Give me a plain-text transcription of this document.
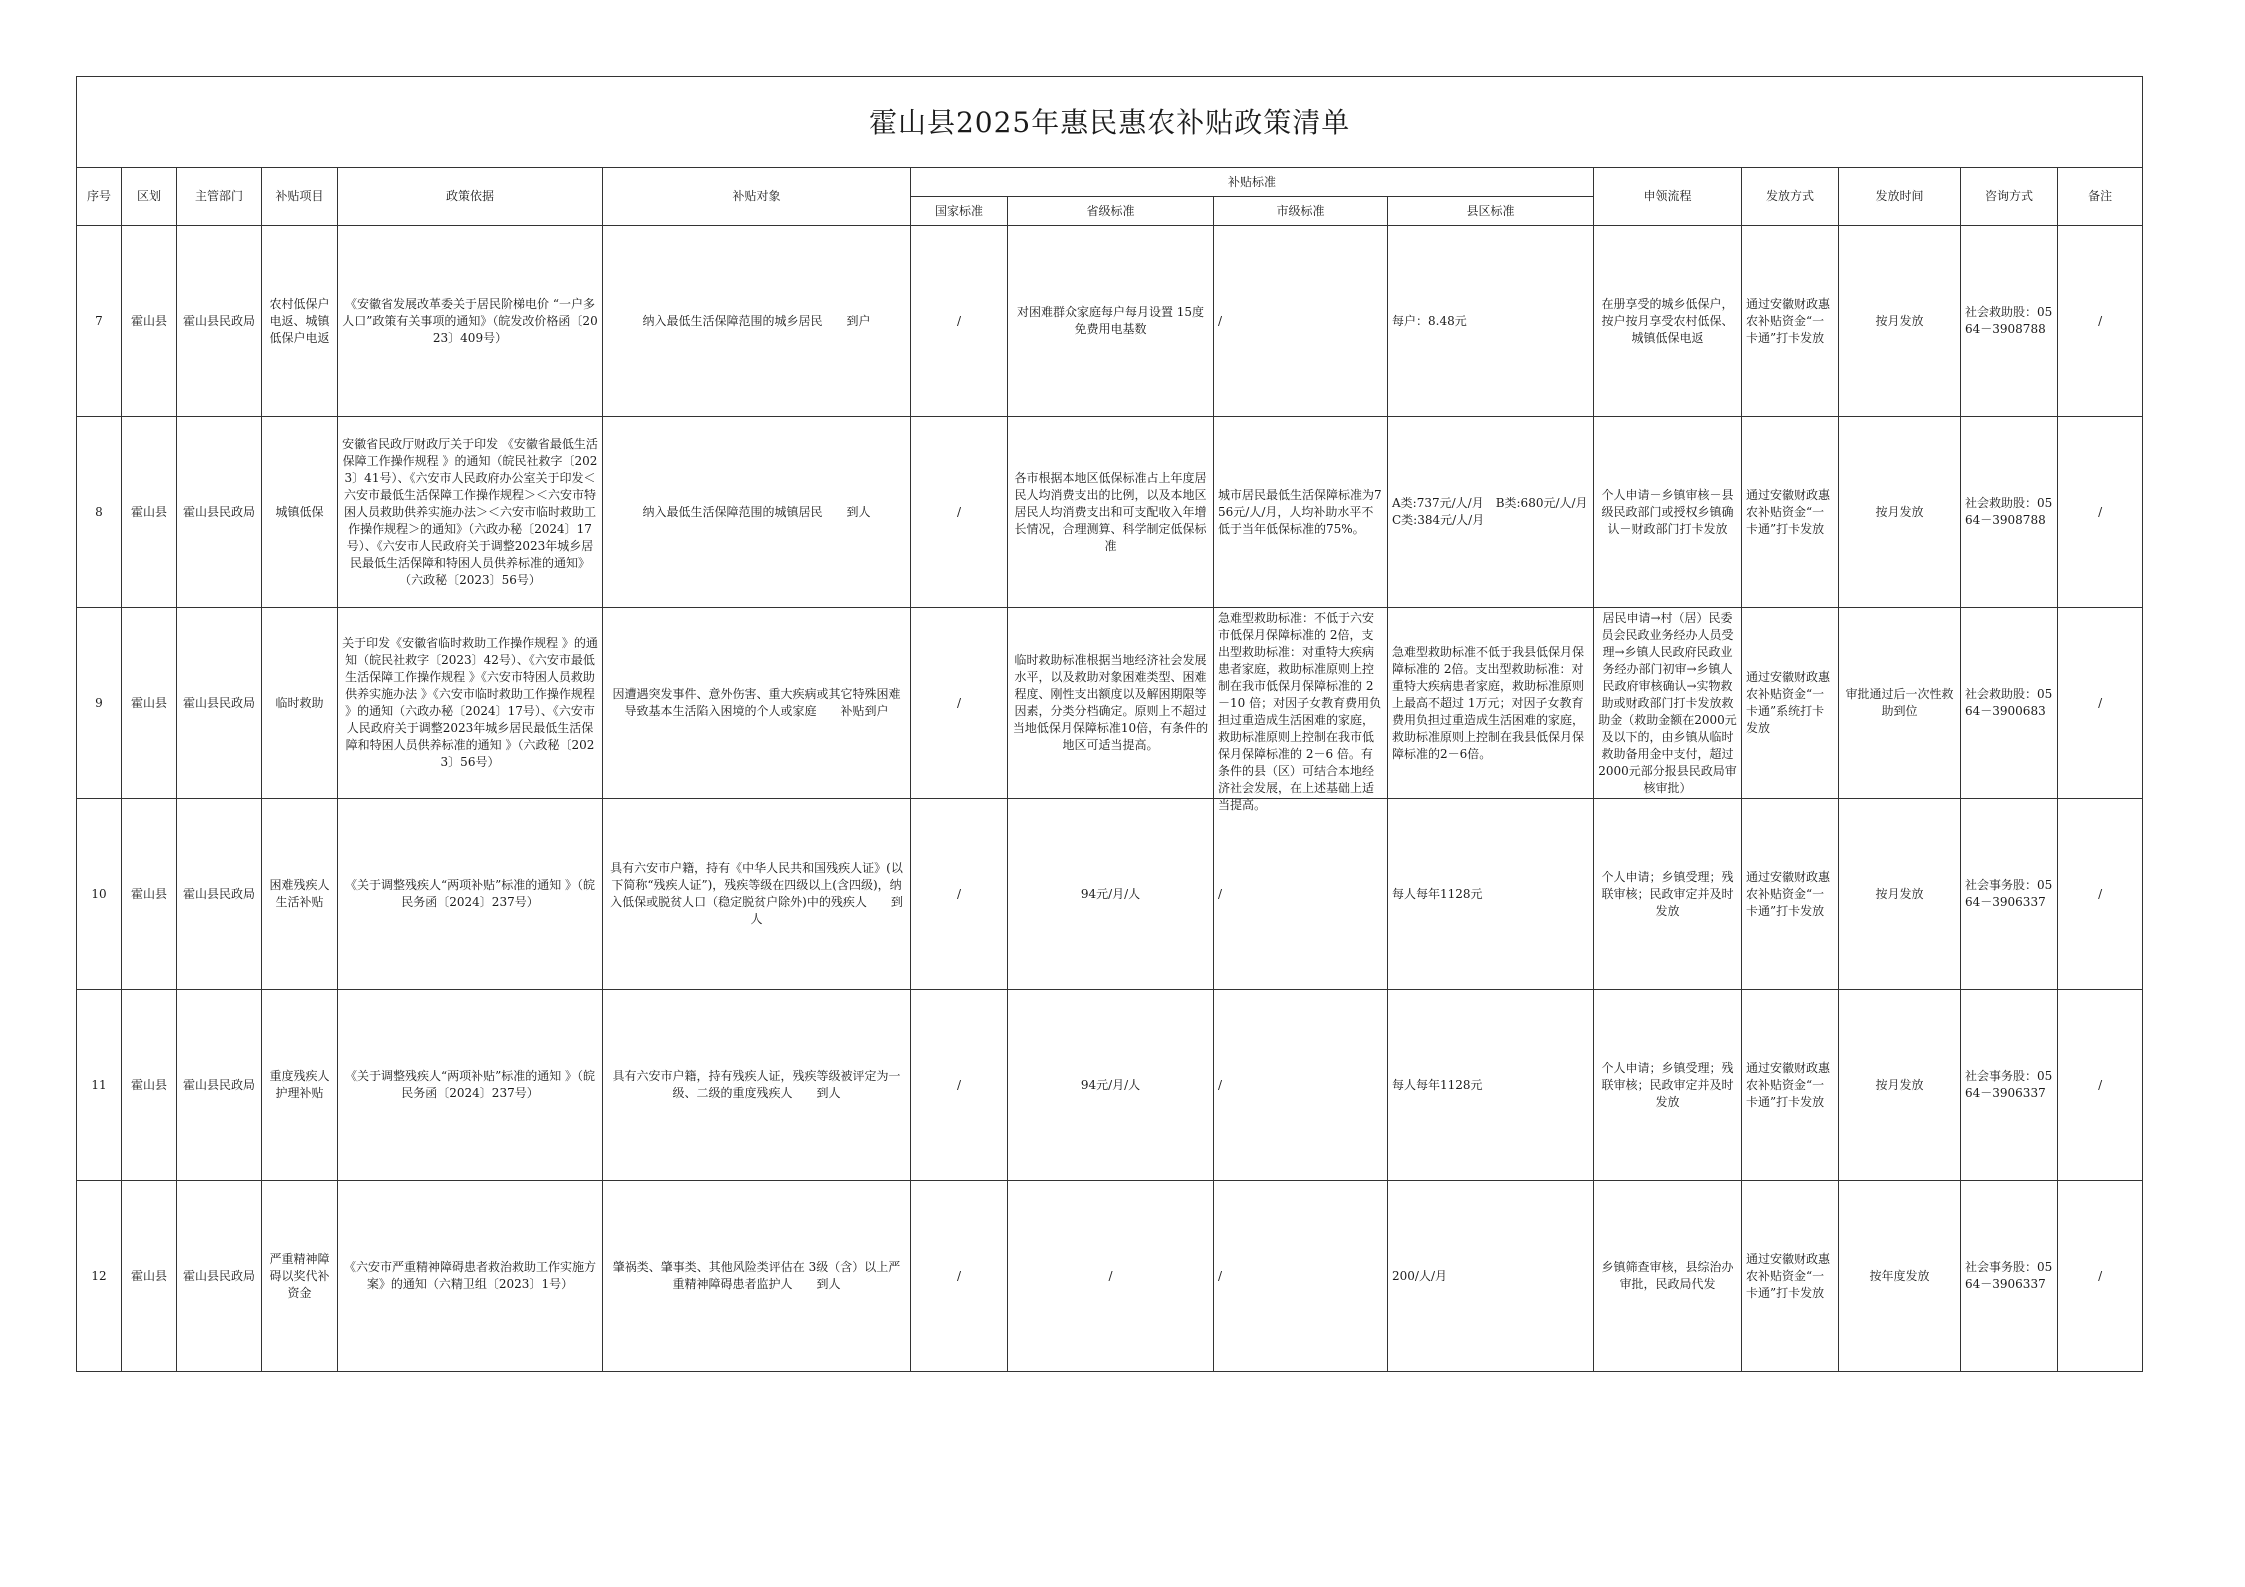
霍山县2025年惠民惠农补贴政策清单														
序号	区划	主管部门	补贴项目	政策依据	补贴对象	补贴标准				申领流程	发放方式	发放时间	咨询方式	备注
						国家标准	省级标准	市级标准	县区标准					

7	霍山县	霍山县民政局	农村低保户电返、城镇低保户电返	《安徽省发展改革委关于居民阶梯电价 “一户多人口”政策有关事项的通知》（皖发改价格函〔2023〕409号）	纳入最低生活保障范围的城乡居民　　到户	/	对困难群众家庭每户每月设置 15度免费用电基数	/	每户：8.48元	在册享受的城乡低保户，按户按月享受农村低保、城镇低保电返	通过安徽财政惠农补贴资金“一卡通”打卡发放	按月发放	社会救助股：0564－3908788	/

8	霍山县	霍山县民政局	城镇低保	安徽省民政厅财政厅关于印发 《安徽省最低生活保障工作操作规程 》的通知（皖民社救字〔2023〕41号）、《六安市人民政府办公室关于印发＜六安市最低生活保障工作操作规程＞＜六安市特困人员救助供养实施办法＞＜六安市临时救助工作操作规程＞的通知》（六政办秘〔2024〕17号）、《六安市人民政府关于调整2023年城乡居民最低生活保障和特困人员供养标准的通知》（六政秘〔2023〕56号）	纳入最低生活保障范围的城镇居民　　到人	/	各市根据本地区低保标准占上年度居民人均消费支出的比例，以及本地区居民人均消费支出和可支配收入年增长情况，合理测算、科学制定低保标准	城市居民最低生活保障标准为756元/人/月，人均补助水平不低于当年低保标准的75%。	A类:737元/人/月　B类:680元/人/月　　　　C类:384元/人/月	个人申请－乡镇审核－县级民政部门或授权乡镇确认－财政部门打卡发放	通过安徽财政惠农补贴资金“一卡通”打卡发放	按月发放	社会救助股：0564－3908788	/

9	霍山县	霍山县民政局	临时救助	关于印发《安徽省临时救助工作操作规程 》的通知（皖民社救字〔2023〕42号）、《六安市最低生活保障工作操作规程 》《六安市特困人员救助供养实施办法 》《六安市临时救助工作操作规程 》的通知（六政办秘〔2024〕17号）、《六安市人民政府关于调整2023年城乡居民最低生活保障和特困人员供养标准的通知 》（六政秘〔2023〕56号）	因遭遇突发事件、意外伤害、重大疾病或其它特殊困难导致基本生活陷入困境的个人或家庭　　补贴到户	/	临时救助标准根据当地经济社会发展水平，以及救助对象困难类型、困难程度、刚性支出额度以及解困期限等因素，分类分档确定。原则上不超过当地低保月保障标准10倍，有条件的地区可适当提高。	急难型救助标准：不低于六安市低保月保障标准的 2倍，支出型救助标准：对重特大疾病患者家庭，救助标准原则上控制在我市低保月保障标准的 2－10 倍；对因子女教育费用负担过重造成生活困难的家庭，救助标准原则上控制在我市低保月保障标准的 2－6 倍。有条件的县（区）可结合本地经济社会发展，在上述基础上适当提高。	急难型救助标准不低于我县低保月保障标准的 2倍。支出型救助标准：对重特大疾病患者家庭，救助标准原则上最高不超过 1万元；对因子女教育费用负担过重造成生活困难的家庭，救助标准原则上控制在我县低保月保障标准的2－6倍。	居民申请→村（居）民委员会民政业务经办人员受理→乡镇人民政府民政业务经办部门初审→乡镇人民政府审核确认→实物救助或财政部门打卡发放救助金（救助金额在2000元及以下的，由乡镇从临时救助备用金中支付，超过2000元部分报县民政局审核审批）	通过安徽财政惠农补贴资金“一卡通”系统打卡发放	审批通过后一次性救助到位	社会救助股：0564－3900683	/

10	霍山县	霍山县民政局	困难残疾人生活补贴	《关于调整残疾人“两项补贴”标准的通知 》（皖民务函〔2024〕237号）	具有六安市户籍，持有《中华人民共和国残疾人证》(以下简称“残疾人证”)，残疾等级在四级以上(含四级)，纳入低保或脱贫人口（稳定脱贫户除外)中的残疾人　　到人	/	94元/月/人	/	每人每年1128元	个人申请；乡镇受理；残联审核；民政审定并及时发放	通过安徽财政惠农补贴资金“一卡通”打卡发放	按月发放	社会事务股：0564－3906337	/

11	霍山县	霍山县民政局	重度残疾人护理补贴	《关于调整残疾人“两项补贴”标准的通知 》（皖民务函〔2024〕237号）	具有六安市户籍，持有残疾人证，残疾等级被评定为一级、二级的重度残疾人　　到人	/	94元/月/人	/	每人每年1128元	个人申请；乡镇受理；残联审核；民政审定并及时发放	通过安徽财政惠农补贴资金“一卡通”打卡发放	按月发放	社会事务股：0564－3906337	/

12	霍山县	霍山县民政局	严重精神障碍以奖代补资金	《六安市严重精神障碍患者救治救助工作实施方案》的通知（六精卫组〔2023〕1号）	肇祸类、肇事类、其他风险类评估在 3级（含）以上严重精神障碍患者监护人　　到人	/	/	/	200/人/月	乡镇筛查审核，县综治办审批，民政局代发	通过安徽财政惠农补贴资金“一卡通”打卡发放	按年度发放	社会事务股：0564－3906337	/
